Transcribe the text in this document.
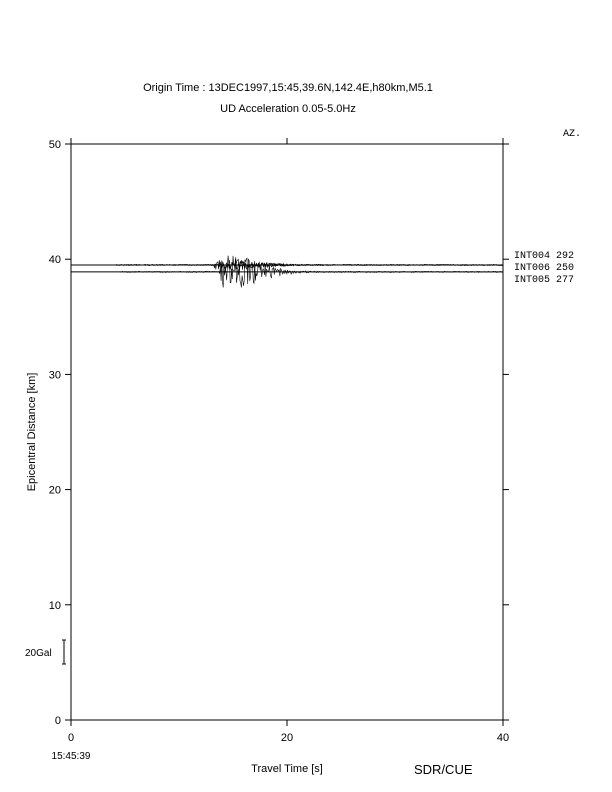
Origin Time : 13DEC1997,15:45,39.6N,142.4E,h80km,M5.1
UD Acceleration 0.05-5.0Hz
0
10
20
30
40
50
0	20	40
15:45:39
Travel Time [s]
Epicentral Distance [km]
AZ.
INT004 292
INT006 250
INT005 277
20Gal
SDR/CUE
